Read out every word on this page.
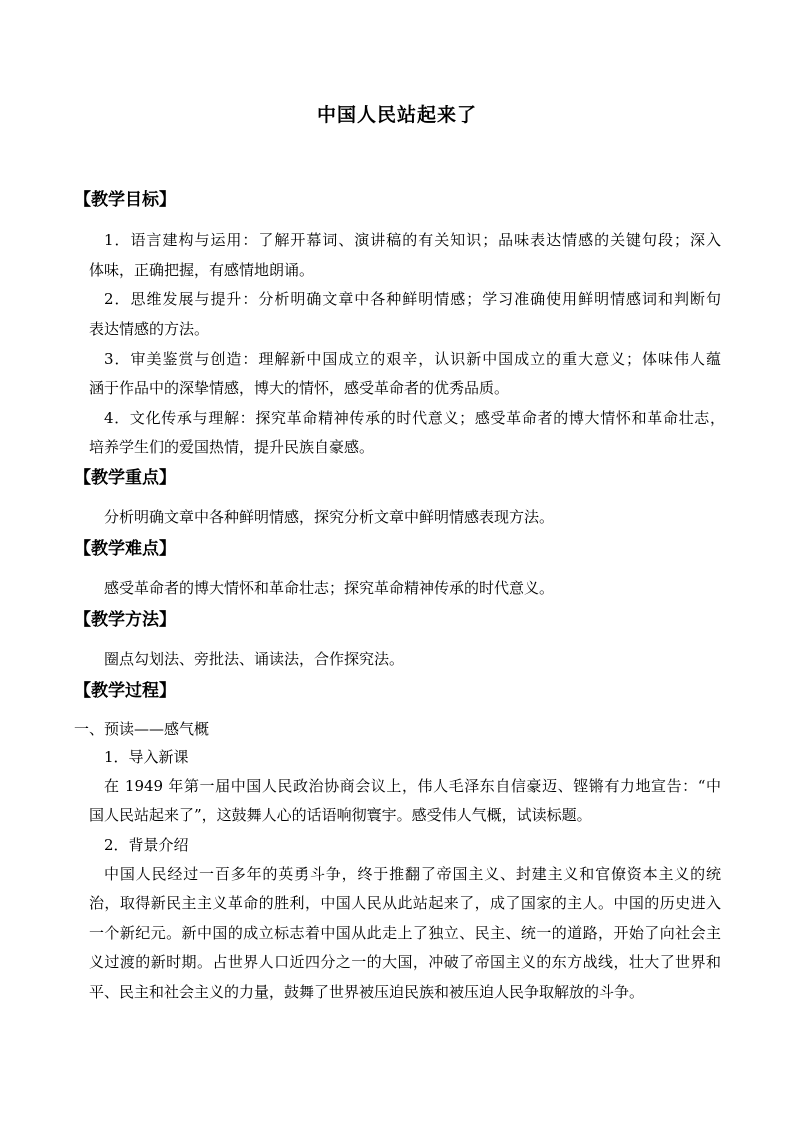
中国人民站起来了
【教学目标】
1．语言建构与运用：了解开幕词、演讲稿的有关知识；品味表达情感的关键句段；深入
体味，正确把握，有感情地朗诵。
2．思维发展与提升：分析明确文章中各种鲜明情感；学习准确使用鲜明情感词和判断句
表达情感的方法。
3．审美鉴赏与创造：理解新中国成立的艰辛，认识新中国成立的重大意义；体味伟人蕴
涵于作品中的深挚情感，博大的情怀，感受革命者的优秀品质。
4．文化传承与理解：探究革命精神传承的时代意义；感受革命者的博大情怀和革命壮志，
培养学生们的爱国热情，提升民族自豪感。
【教学重点】
分析明确文章中各种鲜明情感，探究分析文章中鲜明情感表现方法。
【教学难点】
感受革命者的博大情怀和革命壮志；探究革命精神传承的时代意义。
【教学方法】
圈点勾划法、旁批法、诵读法，合作探究法。
【教学过程】
一、预读——感气概
1．导入新课
在 1949 年第一届中国人民政治协商会议上，伟人毛泽东自信豪迈、铿锵有力地宣告：“中
国人民站起来了”，这鼓舞人心的话语响彻寰宇。感受伟人气概，试读标题。
2．背景介绍
中国人民经过一百多年的英勇斗争，终于推翻了帝国主义、封建主义和官僚资本主义的统
治，取得新民主主义革命的胜利，中国人民从此站起来了，成了国家的主人。中国的历史进入
一个新纪元。新中国的成立标志着中国从此走上了独立、民主、统一的道路，开始了向社会主
义过渡的新时期。占世界人口近四分之一的大国，冲破了帝国主义的东方战线，壮大了世界和
平、民主和社会主义的力量，鼓舞了世界被压迫民族和被压迫人民争取解放的斗争。
